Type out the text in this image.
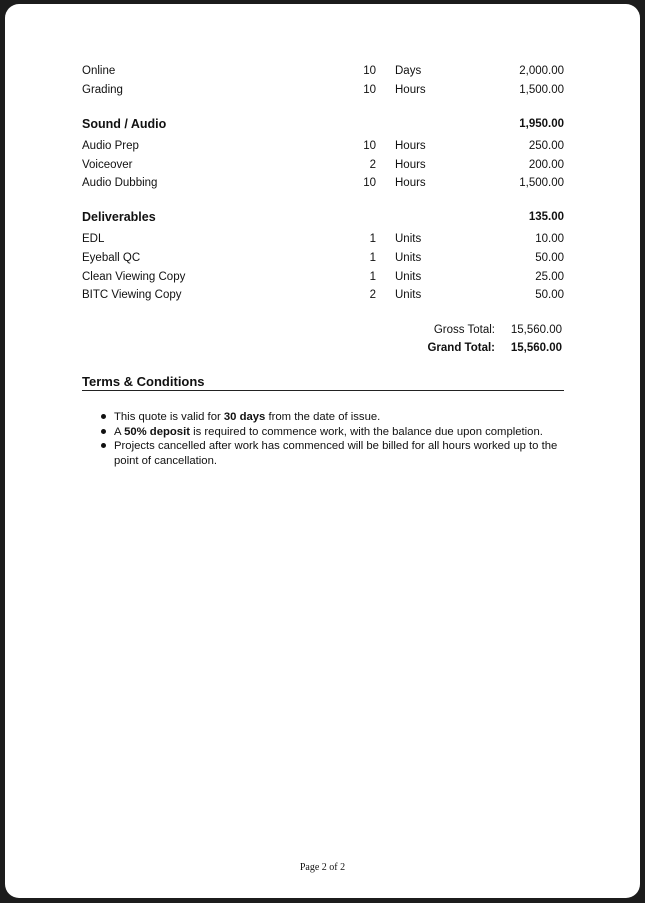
Online	10 Days	2,000.00
Grading	10 Hours	1,500.00
Sound / Audio	1,950.00
Audio Prep	10 Hours	250.00
Voiceover	2 Hours	200.00
Audio Dubbing	10 Hours	1,500.00
Deliverables	135.00
EDL	1 Units	10.00
Eyeball QC	1 Units	50.00
Clean Viewing Copy	1 Units	25.00
BITC Viewing Copy	2 Units	50.00
Gross Total: 15,560.00
Grand Total: 15,560.00
Terms & Conditions
This quote is valid for 30 days from the date of issue.
A 50% deposit is required to commence work, with the balance due upon completion.
Projects cancelled after work has commenced will be billed for all hours worked up to the point of cancellation.
Page 2 of 2
